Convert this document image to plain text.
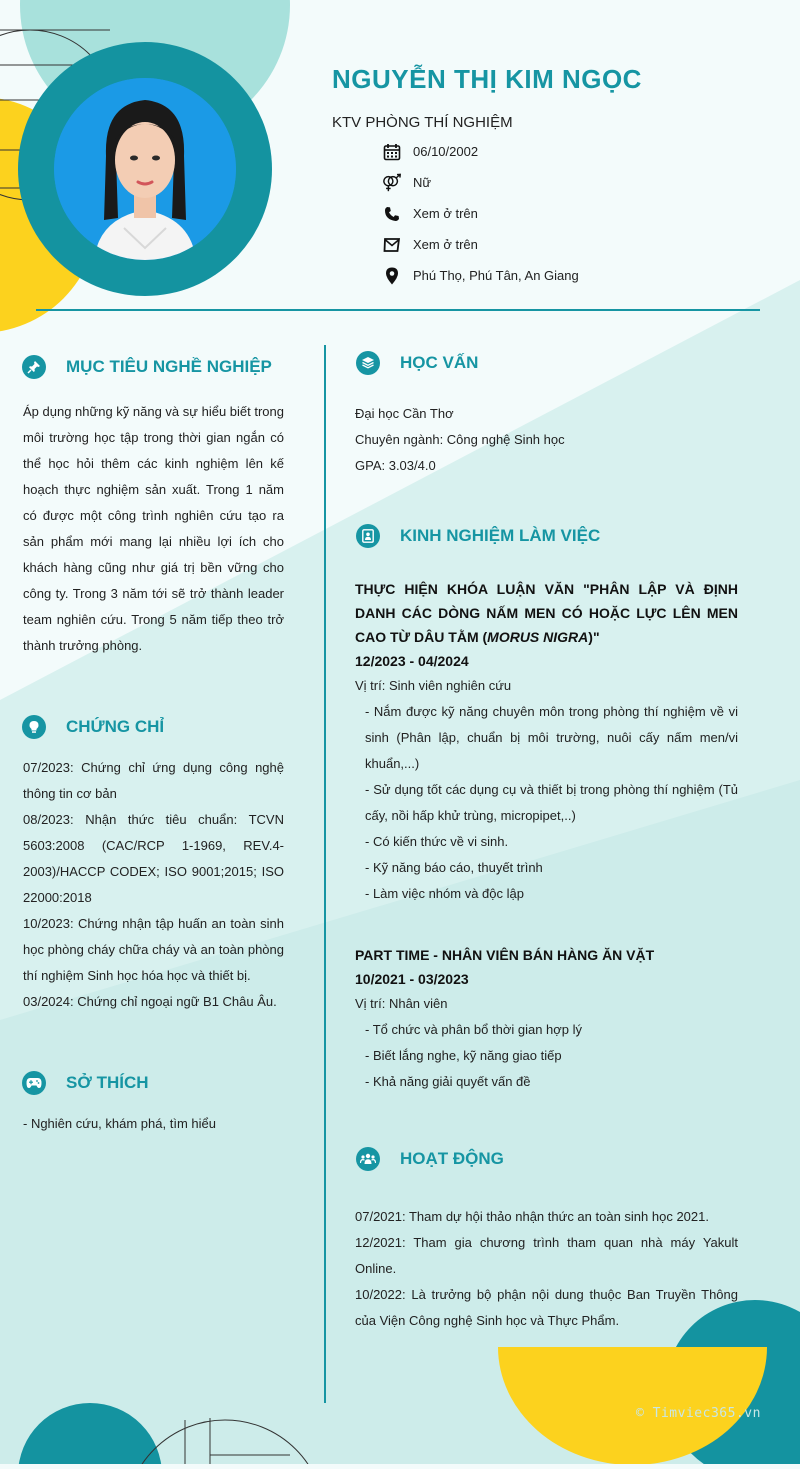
NGUYỄN THỊ KIM NGỌC
KTV PHÒNG THÍ NGHIỆM
06/10/2002
Nữ
Xem ở trên
Xem ở trên
Phú Thọ, Phú Tân, An Giang
MỤC TIÊU NGHỀ NGHIỆP
Áp dụng những kỹ năng và sự hiểu biết trong môi trường học tập trong thời gian ngắn có thể học hỏi thêm các kinh nghiệm lên kế hoạch thực nghiệm sản xuất. Trong 1 năm có được một công trình nghiên cứu tạo ra sản phẩm mới mang lại nhiều lợi ích cho khách hàng cũng như giá trị bền vững cho công ty. Trong 3 năm tới sẽ trở thành leader team nghiên cứu. Trong 5 năm tiếp theo trở thành trưởng phòng.
CHỨNG CHỈ

07/2023: Chứng chỉ ứng dụng công nghệ thông tin cơ bản

08/2023: Nhận thức tiêu chuẩn: TCVN 5603:2008 (CAC/RCP 1-1969, REV.4-2003)/HACCP CODEX; ISO 9001;2015; ISO 22000:2018

10/2023: Chứng nhận tập huấn an toàn sinh học phòng cháy chữa cháy và an toàn phòng thí nghiệm Sinh học hóa học và thiết bị.

03/2024: Chứng chỉ ngoại ngữ B1 Châu Âu.

SỞ THÍCH
- Nghiên cứu, khám phá, tìm hiểu
HỌC VẤN

Đại học Cần Thơ

Chuyên ngành: Công nghệ Sinh học

GPA: 3.03/4.0

KINH NGHIỆM LÀM VIỆC

THỰC HIỆN KHÓA LUẬN VĂN "PHÂN LẬP VÀ ĐỊNH DANH CÁC DÒNG NẤM MEN CÓ HOẶC LỰC LÊN MEN CAO TỪ DÂU TẰM (MORUS NIGRA)"

12/2023 - 04/2024
Vị trí: Sinh viên nghiên cứu
- Nắm được kỹ năng chuyên môn trong phòng thí nghiệm về vi sinh (Phân lập, chuẩn bị môi trường, nuôi cấy nấm men/vi khuẩn,...)
- Sử dụng tốt các dụng cụ và thiết bị trong phòng thí nghiệm (Tủ cấy, nồi hấp khử trùng, micropipet,..)
- Có kiến thức về vi sinh.
- Kỹ năng báo cáo, thuyết trình
- Làm việc nhóm và độc lập

PART TIME - NHÂN VIÊN BÁN HÀNG ĂN VẶT

10/2021 - 03/2023
Vị trí: Nhân viên
- Tổ chức và phân bổ thời gian hợp lý
- Biết lắng nghe, kỹ năng giao tiếp
- Khả năng giải quyết vấn đề
HOẠT ĐỘNG

07/2021: Tham dự hội thảo nhận thức an toàn sinh học 2021.

12/2021: Tham gia chương trình tham quan nhà máy Yakult Online.

10/2022: Là trưởng bộ phận nội dung thuộc Ban Truyền Thông của Viện Công nghệ Sinh học và Thực Phẩm.

© Timviec365.vn
